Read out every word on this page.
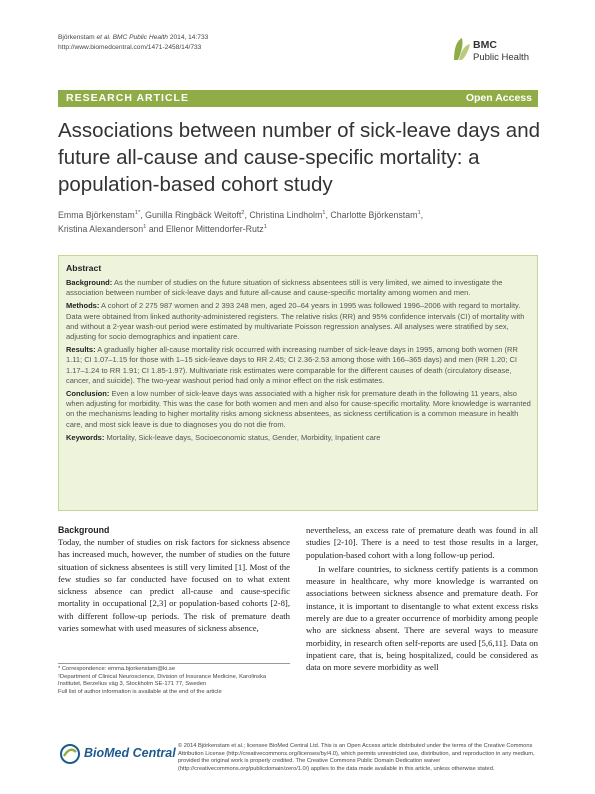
Björkenstam et al. BMC Public Health 2014, 14:733
http://www.biomedcentral.com/1471-2458/14/733	BMC
Public Health
RESEARCH ARTICLE	Open Access
Associations between number of sick-leave days and future all-cause and cause-specific mortality: a population-based cohort study
Emma Björkenstam$^{1*}$, Gunilla Ringbäck Weitoft$^2$, Christina Lindholm$^1$, Charlotte Björkenstam$^1$,
Kristina Alexanderson$^1$ and Ellenor Mittendorfer-Rutz$^1$
Abstract

Background: As the number of studies on the future situation of sickness absentees still is very limited, we aimed to investigate the association between number of sick-leave days and future all-cause and cause-specific mortality among women and men.

Methods: A cohort of 2 275 987 women and 2 393 248 men, aged 20–64 years in 1995 was followed 1996–2006 with regard to mortality. Data were obtained from linked authority-administered registers. The relative risks (RR) and 95% confidence intervals (CI) of mortality with and without a 2-year wash-out period were estimated by multivariate Poisson regression analyses. All analyses were stratified by sex, adjusting for socio demographics and inpatient care.

Results: A gradually higher all-cause mortality risk occurred with increasing number of sick-leave days in 1995, among both women (RR 1.11; CI 1.07–1.15 for those with 1–15 sick-leave days to RR 2.45; CI 2.36-2.53 among those with 166–365 days) and men (RR 1.20; CI 1.17–1.24 to RR 1.91; CI 1.85-1.97). Multivariate risk estimates were comparable for the different causes of death (circulatory disease, cancer, and suicide). The two-year washout period had only a minor effect on the risk estimates.

Conclusion: Even a low number of sick-leave days was associated with a higher risk for premature death in the following 11 years, also when adjusting for morbidity. This was the case for both women and men and also for cause-specific mortality. More knowledge is warranted on the mechanisms leading to higher mortality risks among sickness absentees, as sickness certification is a common measure in health care, and most sick leave is due to diagnoses you do not die from.

Keywords: Mortality, Sick-leave days, Socioeconomic status, Gender, Morbidity, Inpatient care

Background

Today, the number of studies on risk factors for sickness absence has increased much, however, the number of studies on the future situation of sickness absentees is still very limited [1]. Most of the few studies so far conducted have focused on to what extent sickness absence can predict all-cause and cause-specific mortality in occupational [2,3] or population-based cohorts [2-8], with different follow-up periods. The risk of premature death varies somewhat with used measures of sickness absence,

* Correspondence: emma.bjorkenstam@ki.se
¹Department of Clinical Neuroscience, Division of Insurance Medicine, Karolinska Institutet, Berzelius väg 3, Stockholm SE-171 77, Sweden
Full list of author information is available at the end of the article

nevertheless, an excess rate of premature death was found in all studies [2-10]. There is a need to test those results in a larger, population-based cohort with a long follow-up period.

In welfare countries, to sickness certify patients is a common measure in healthcare, why more knowledge is warranted on associations between sickness absence and premature death. For instance, it is important to disentangle to what extent excess risks merely are due to a greater occurrence of morbidity among people who are sickness absent. There are several ways to measure morbidity, in research often self-reports are used [5,6,11]. Data on inpatient care, that is, being hospitalized, could be considered as data on more severe morbidity as well

BioMed Central © 2014 Björkenstam et al.; licensee BioMed Central Ltd. This is an Open Access article distributed under the terms of the Creative Commons Attribution License (http://creativecommons.org/licenses/by/4.0), which permits unrestricted use, distribution, and reproduction in any medium, provided the original work is properly credited. The Creative Commons Public Domain Dedication waiver (http://creativecommons.org/publicdomain/zero/1.0/) applies to the data made available in this article, unless otherwise stated.
